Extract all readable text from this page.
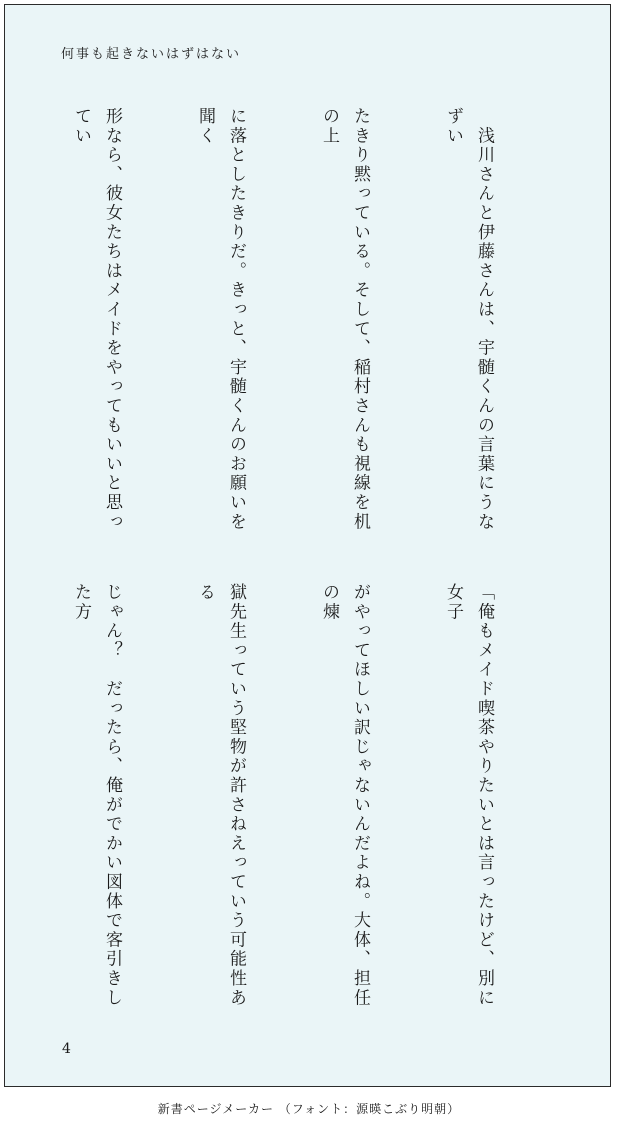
何事も起きないはずはない

　浅川さんと伊藤さんは、宇髄くんの言葉にうなずい

たきり黙っている。そして、稲村さんも視線を机の上

に落としたきりだ。きっと、宇髄くんのお願いを聞く

形なら、彼女たちはメイドをやってもいいと思ってい

「俺もメイド喫茶やりたいとは言ったけど、別に女子

がやってほしい訳じゃないんだよね。大体、担任の煉

獄先生っていう堅物が許さねえっていう可能性ある

じゃん？　だったら、俺がでかい図体で客引きした方

4
新書ページメーカー （フォント：源暎こぶり明朝）
